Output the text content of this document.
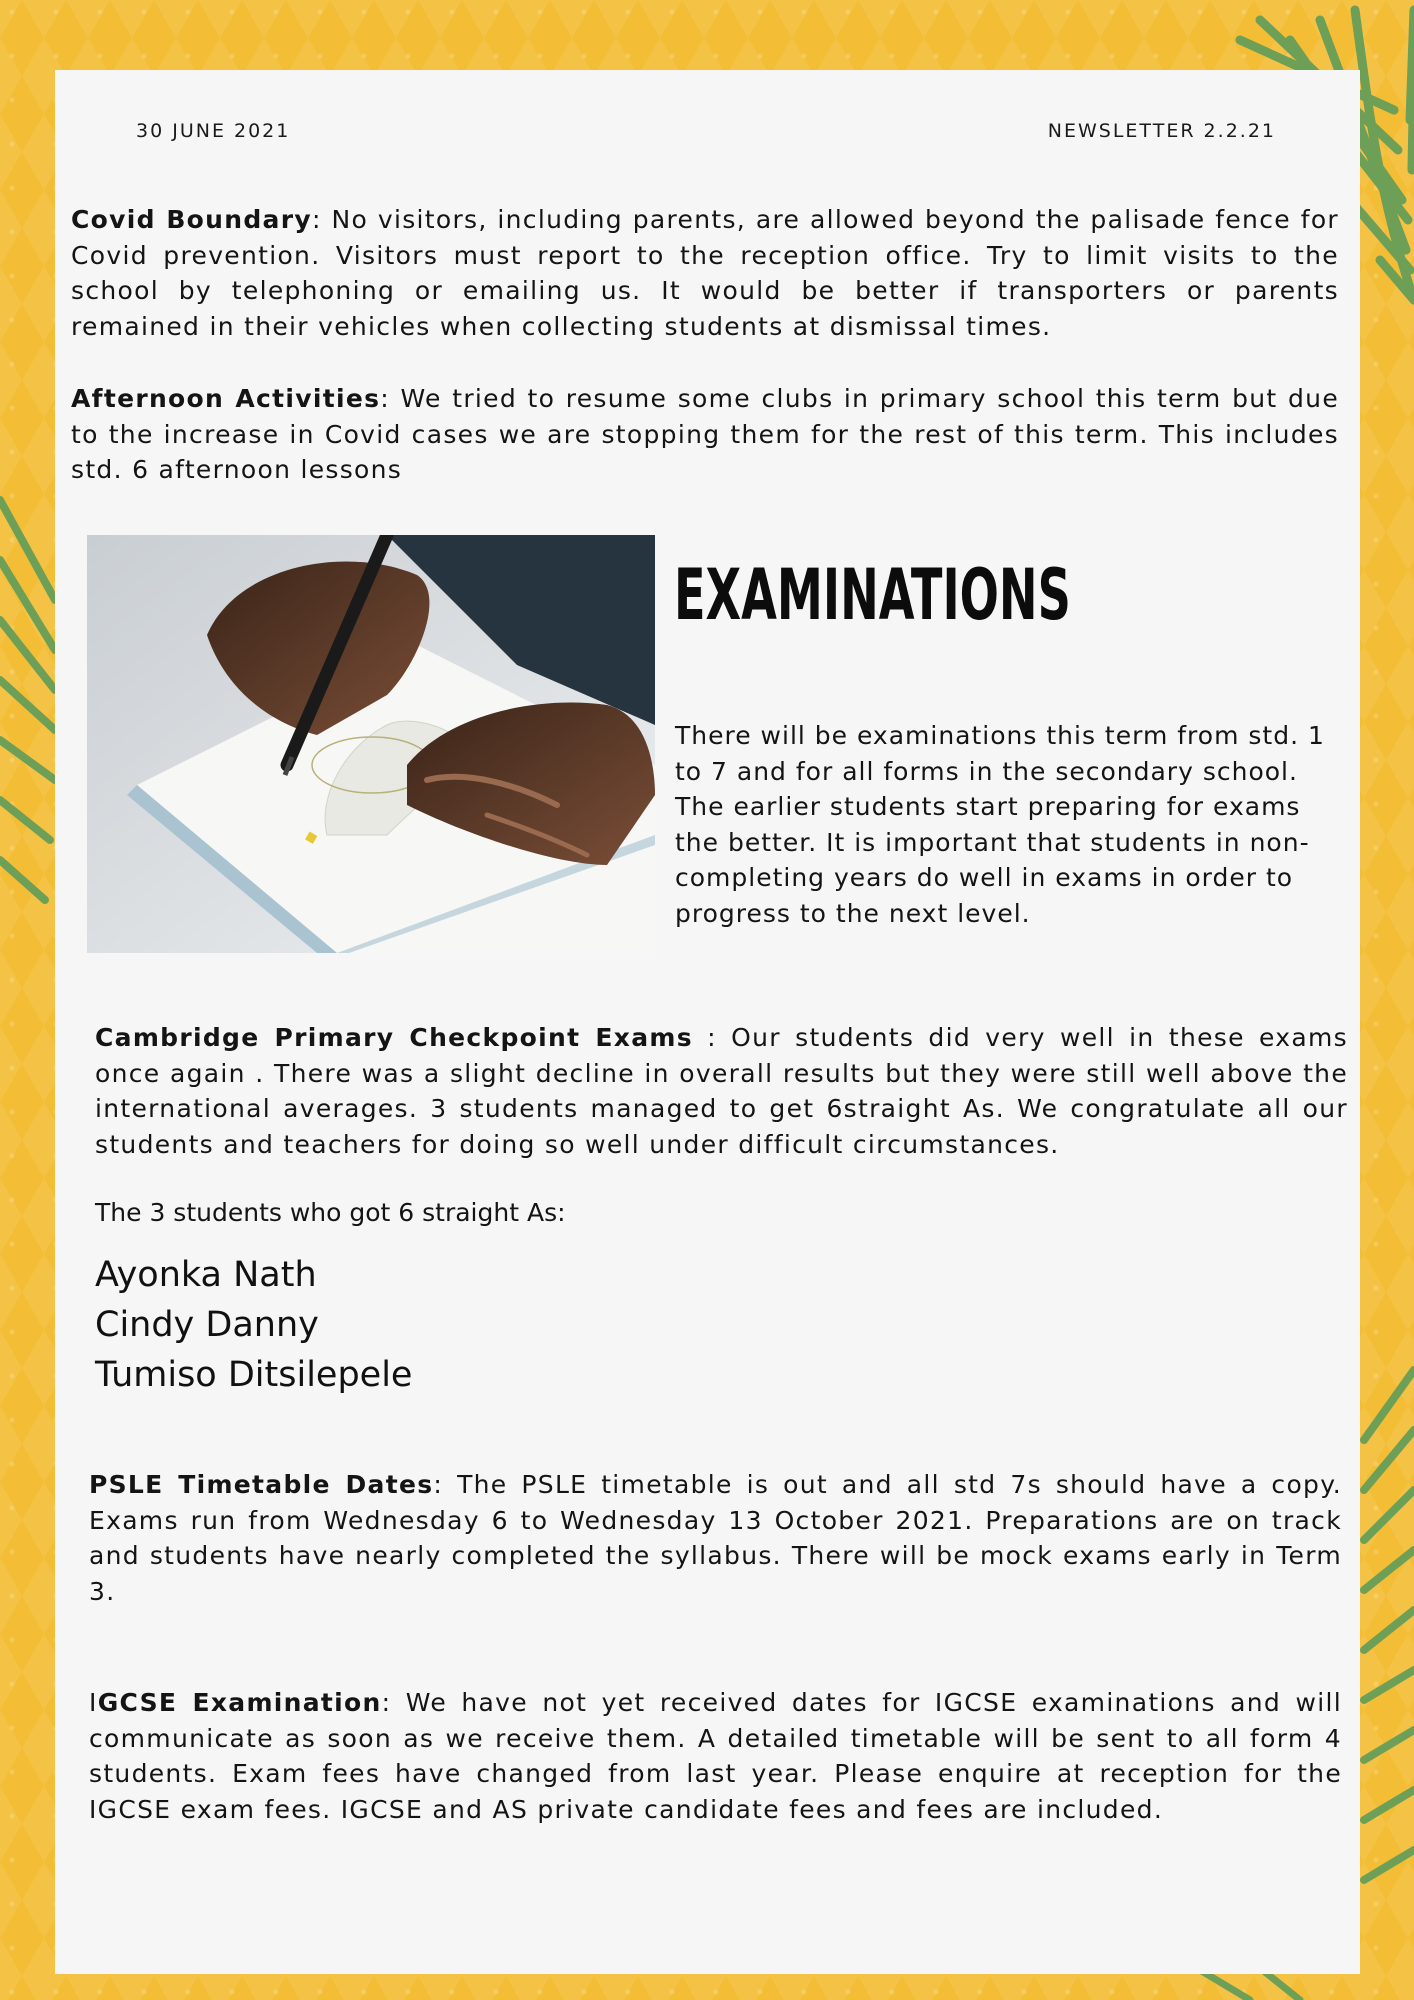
30 JUNE 2021	NEWSLETTER 2.2.21

Covid Boundary: No visitors, including parents, are allowed beyond the palisade fence for Covid prevention. Visitors must report to the reception office. Try to limit visits to the school by telephoning or emailing us. It would be better if transporters or parents remained in their vehicles when collecting students at dismissal times.

Afternoon Activities: We tried to resume some clubs in primary school this term but due to the increase in Covid cases we are stopping them for the rest of this term. This includes std. 6 afternoon lessons

EXAMINATIONS

There will be examinations this term from std. 1 to 7 and for all forms in the secondary school. The earlier students start preparing for exams the better. It is important that students in non-completing years do well in exams in order to progress to the next level.

Cambridge Primary Checkpoint Exams : Our students did very well in these exams once again . There was a slight decline in overall results but they were still well above the international averages. 3 students managed to get 6straight As. We congratulate all our students and teachers for doing so well under difficult circumstances.

The 3 students who got 6 straight As:

Ayonka Nath
Cindy Danny
Tumiso Ditsilepele

PSLE Timetable Dates: The PSLE timetable is out and all std 7s should have a copy. Exams run from Wednesday 6 to Wednesday 13 October 2021. Preparations are on track and students have nearly completed the syllabus. There will be mock exams early in Term 3.

IGCSE Examination: We have not yet received dates for IGCSE examinations and will communicate as soon as we receive them. A detailed timetable will be sent to all form 4 students. Exam fees have changed from last year. Please enquire at reception for the IGCSE exam fees. IGCSE and AS private candidate fees and fees are included.
